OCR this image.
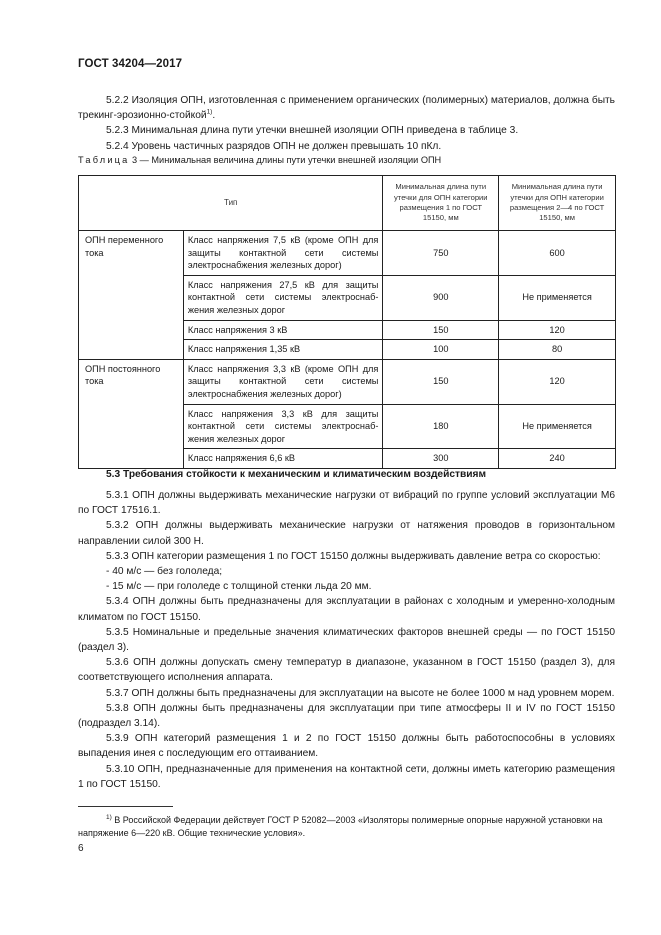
ГОСТ 34204—2017

5.2.2 Изоляция ОПН, изготовленная с применением органических (полимерных) материалов, должна быть трекинг-эрозионно-стойкой$^{1)}$.

5.2.3 Минимальная длина пути утечки внешней изоляции ОПН приведена в таблице 3.

5.2.4 Уровень частичных разрядов ОПН не должен превышать 10 пКл.

Таблица 3 — Минимальная величина длины пути утечки внешней изоляции ОПН
Тип		Минимальная длина пути утечки для ОПН категории размещения 1 по ГОСТ 15150, мм	Минимальная длина пути утечки для ОПН категории размещения 2—4 по ГОСТ 15150, мм
ОПН переменного тока	Класс напряжения 7,5 кВ (кроме ОПН для защиты контактной сети системы электроснабжения железных дорог)	750	600
	Класс напряжения 27,5 кВ для защиты контактной сети системы электроснаб-жения железных дорог	900	Не применяется
	Класс напряжения 3 кВ	150	120
	Класс напряжения 1,35 кВ	100	80
ОПН постоянного тока	Класс напряжения 3,3 кВ (кроме ОПН для защиты контактной сети системы электроснабжения железных дорог)	150	120
	Класс напряжения 3,3 кВ для защиты контактной сети системы электроснаб-жения железных дорог	180	Не применяется
	Класс напряжения 6,6 кВ	300	240
5.3 Требования стойкости к механическим и климатическим воздействиям

5.3.1 ОПН должны выдерживать механические нагрузки от вибраций по группе условий эксплуатации М6 по ГОСТ 17516.1.

5.3.2 ОПН должны выдерживать механические нагрузки от натяжения проводов в горизонтальном направлении силой 300 Н.

5.3.3 ОПН категории размещения 1 по ГОСТ 15150 должны выдерживать давление ветра со скоростью:

- 40 м/с — без гололеда;

- 15 м/с — при гололеде с толщиной стенки льда 20 мм.

5.3.4 ОПН должны быть предназначены для эксплуатации в районах с холодным и умеренно-холодным климатом по ГОСТ 15150.

5.3.5 Номинальные и предельные значения климатических факторов внешней среды — по ГОСТ 15150 (раздел 3).

5.3.6 ОПН должны допускать смену температур в диапазоне, указанном в ГОСТ 15150 (раздел 3), для соответствующего исполнения аппарата.

5.3.7 ОПН должны быть предназначены для эксплуатации на высоте не более 1000 м над уровнем морем.

5.3.8 ОПН должны быть предназначены для эксплуатации при типе атмосферы II и IV по ГОСТ 15150 (подраздел 3.14).

5.3.9 ОПН категорий размещения 1 и 2 по ГОСТ 15150 должны быть работоспособны в условиях выпадения инея с последующим его оттаиванием.

5.3.10 ОПН, предназначенные для применения на контактной сети, должны иметь категорию размещения 1 по ГОСТ 15150.

$^{1)}$ В Российской Федерации действует ГОСТ Р 52082—2003 «Изоляторы полимерные опорные наружной установки на напряжение 6—220 кВ. Общие технические условия».
6
